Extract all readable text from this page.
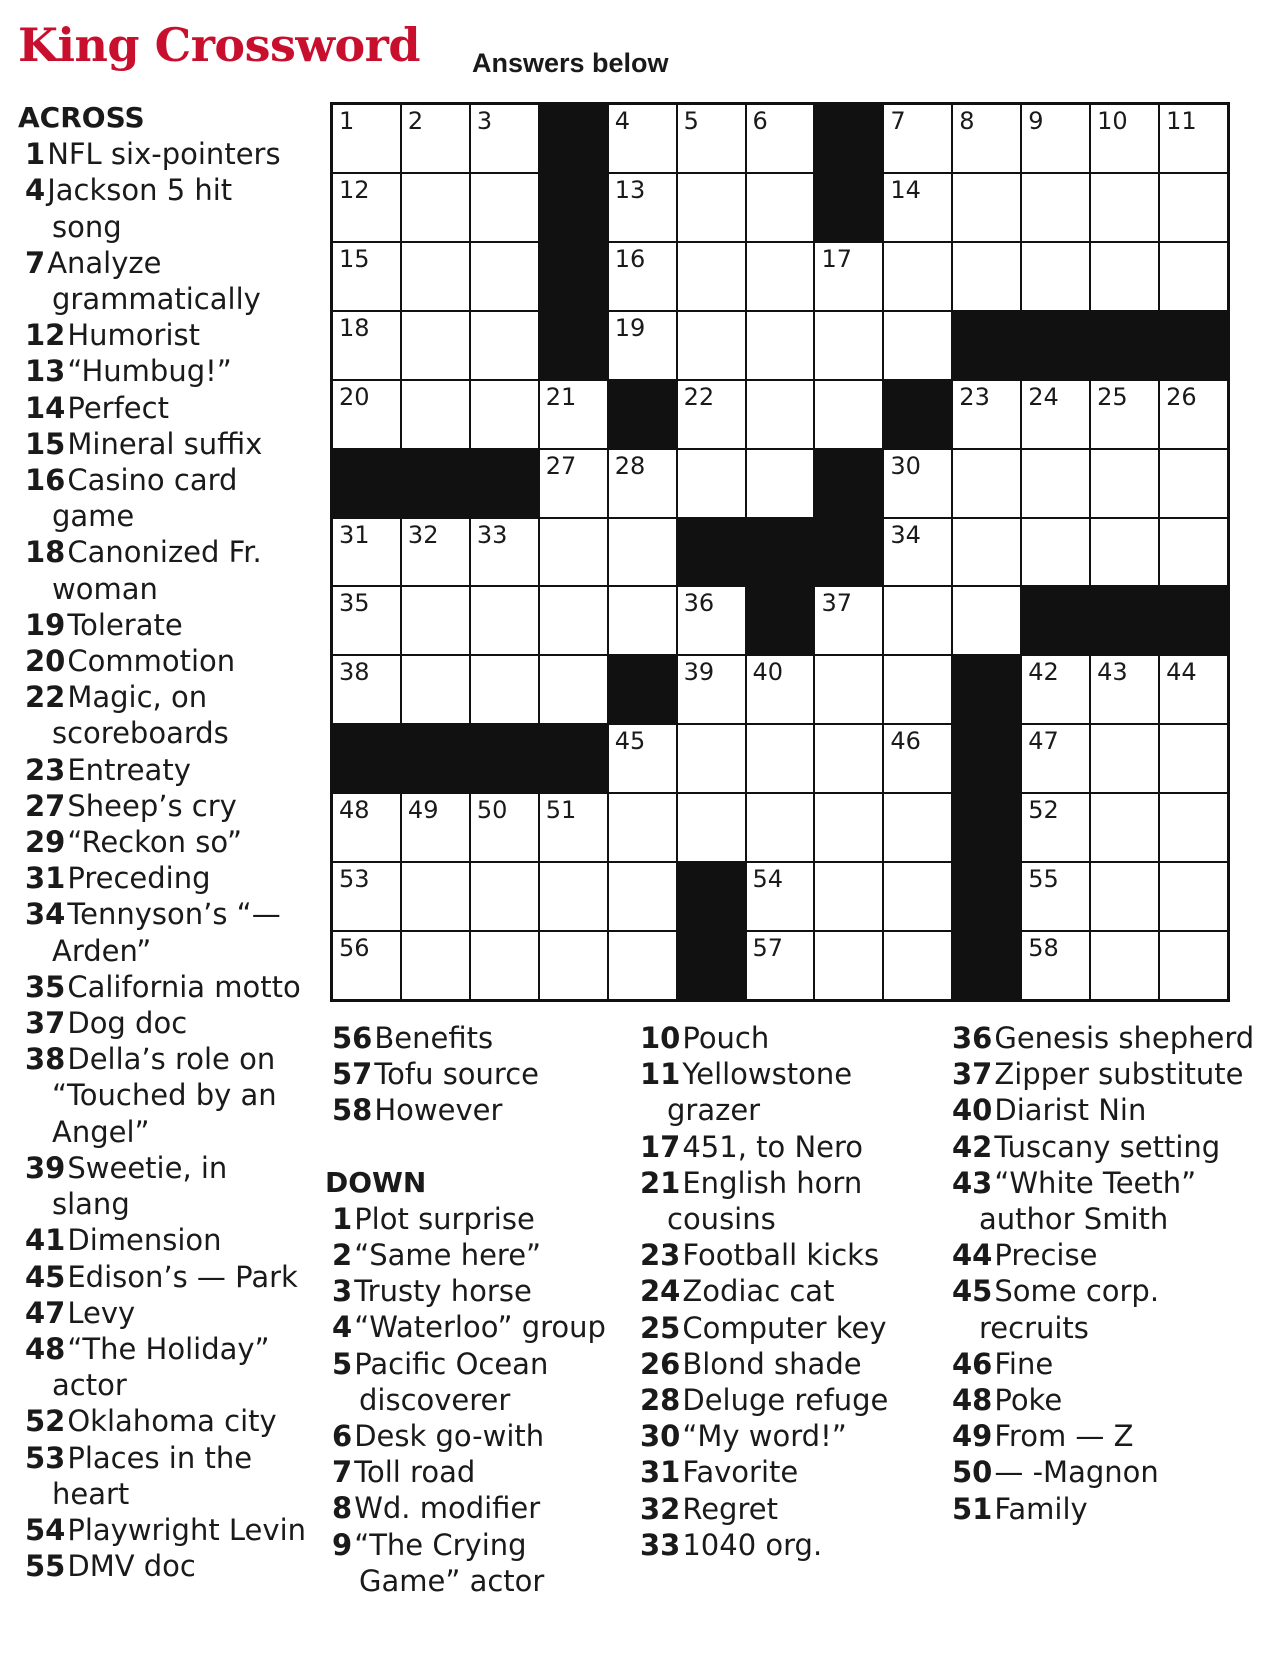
King Crossword Answers below
ACROSS
1NFL six-pointers
4Jackson 5 hit song
7Analyze grammatically
12Humorist
13“Humbug!”
14Perfect
15Mineral suffix
16Casino card game
18Canonized Fr. woman
19Tolerate
20Commotion
22Magic, on scoreboards
23Entreaty
27Sheep’s cry
29“Reckon so”
31Preceding
34Tennyson’s “— Arden”
35California motto
37Dog doc
38Della’s role on “Touched by an Angel”
39Sweetie, in slang
41Dimension
45Edison’s — Park
47Levy
48“The Holiday” actor
52Oklahoma city
53Places in the heart
54Playwright Levin
55DMV doc
1 2 3	4 5 6	7 8 9 10 11
12	13	14
15	16	17
18	19
20	21	22	23 24 25 26
27 28	30
31 32 33	34
35	36	37
38	39 40	42 43 44
45	46	47
48 49 50 51	52
53	54	55
56	57	58
56Benefits
57Tofu source
58However
DOWN
1Plot surprise
2“Same here”
3Trusty horse
4“Waterloo” group
5Pacific Ocean discoverer
6Desk go-with
7Toll road
8Wd. modifier
9“The Crying Game” actor
10Pouch
11Yellowstone grazer
17451, to Nero
21English horn cousins
23Football kicks
24Zodiac cat
25Computer key
26Blond shade
28Deluge refuge
30“My word!”
31Favorite
32Regret
331040 org.
36Genesis shepherd
37Zipper substitute
40Diarist Nin
42Tuscany setting
43“White Teeth” author Smith
44Precise
45Some corp. recruits
46Fine
48Poke
49From — Z
50— -Magnon
51Family
